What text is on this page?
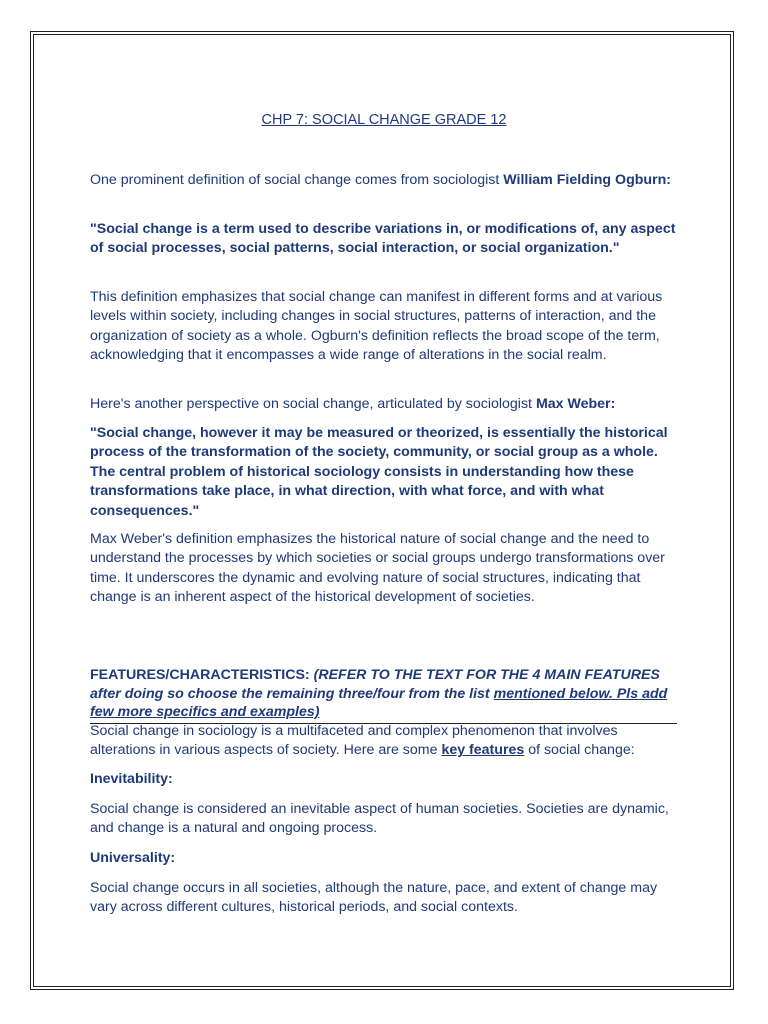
CHP 7: SOCIAL CHANGE GRADE 12

One prominent definition of social change comes from sociologist William Fielding Ogburn:

"Social change is a term used to describe variations in, or modifications of, any aspect of social processes, social patterns, social interaction, or social organization."

This definition emphasizes that social change can manifest in different forms and at various levels within society, including changes in social structures, patterns of interaction, and the organization of society as a whole. Ogburn's definition reflects the broad scope of the term, acknowledging that it encompasses a wide range of alterations in the social realm.

Here's another perspective on social change, articulated by sociologist Max Weber:

"Social change, however it may be measured or theorized, is essentially the historical process of the transformation of the society, community, or social group as a whole. The central problem of historical sociology consists in understanding how these transformations take place, in what direction, with what force, and with what consequences."

Max Weber's definition emphasizes the historical nature of social change and the need to understand the processes by which societies or social groups undergo transformations over time. It underscores the dynamic and evolving nature of social structures, indicating that change is an inherent aspect of the historical development of societies.

FEATURES/CHARACTERISTICS: (REFER TO THE TEXT FOR THE 4 MAIN FEATURES after doing so choose the remaining three/four from the list mentioned below. Pls add few more specifics and examples)

Social change in sociology is a multifaceted and complex phenomenon that involves alterations in various aspects of society. Here are some key features of social change:

Inevitability:

Social change is considered an inevitable aspect of human societies. Societies are dynamic, and change is a natural and ongoing process.

Universality:

Social change occurs in all societies, although the nature, pace, and extent of change may vary across different cultures, historical periods, and social contexts.
